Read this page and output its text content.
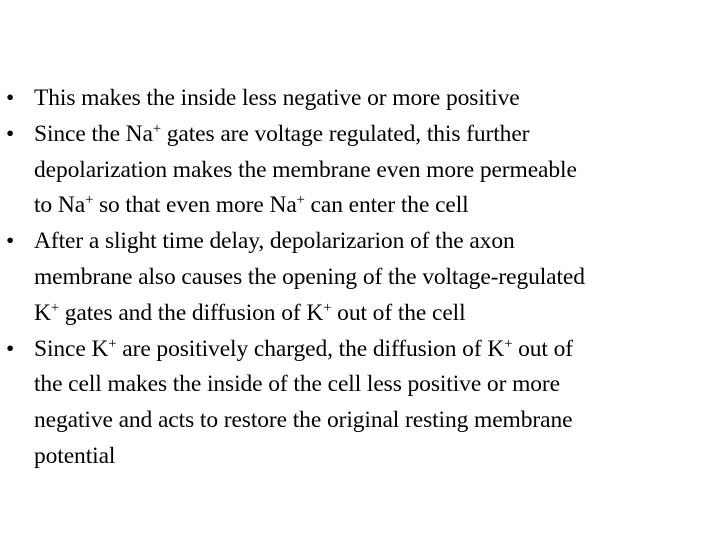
• This makes the inside less negative or more positive
• Since the Na+ gates are voltage regulated, this further
depolarization makes the membrane even more permeable
to Na+ so that even more Na+ can enter the cell
• After a slight time delay, depolarizarion of the axon
membrane also causes the opening of the voltage-regulated
K+ gates and the diffusion of K+ out of the cell
• Since K+ are positively charged, the diffusion of K+ out of
the cell makes the inside of the cell less positive or more
negative and acts to restore the original resting membrane
potential
